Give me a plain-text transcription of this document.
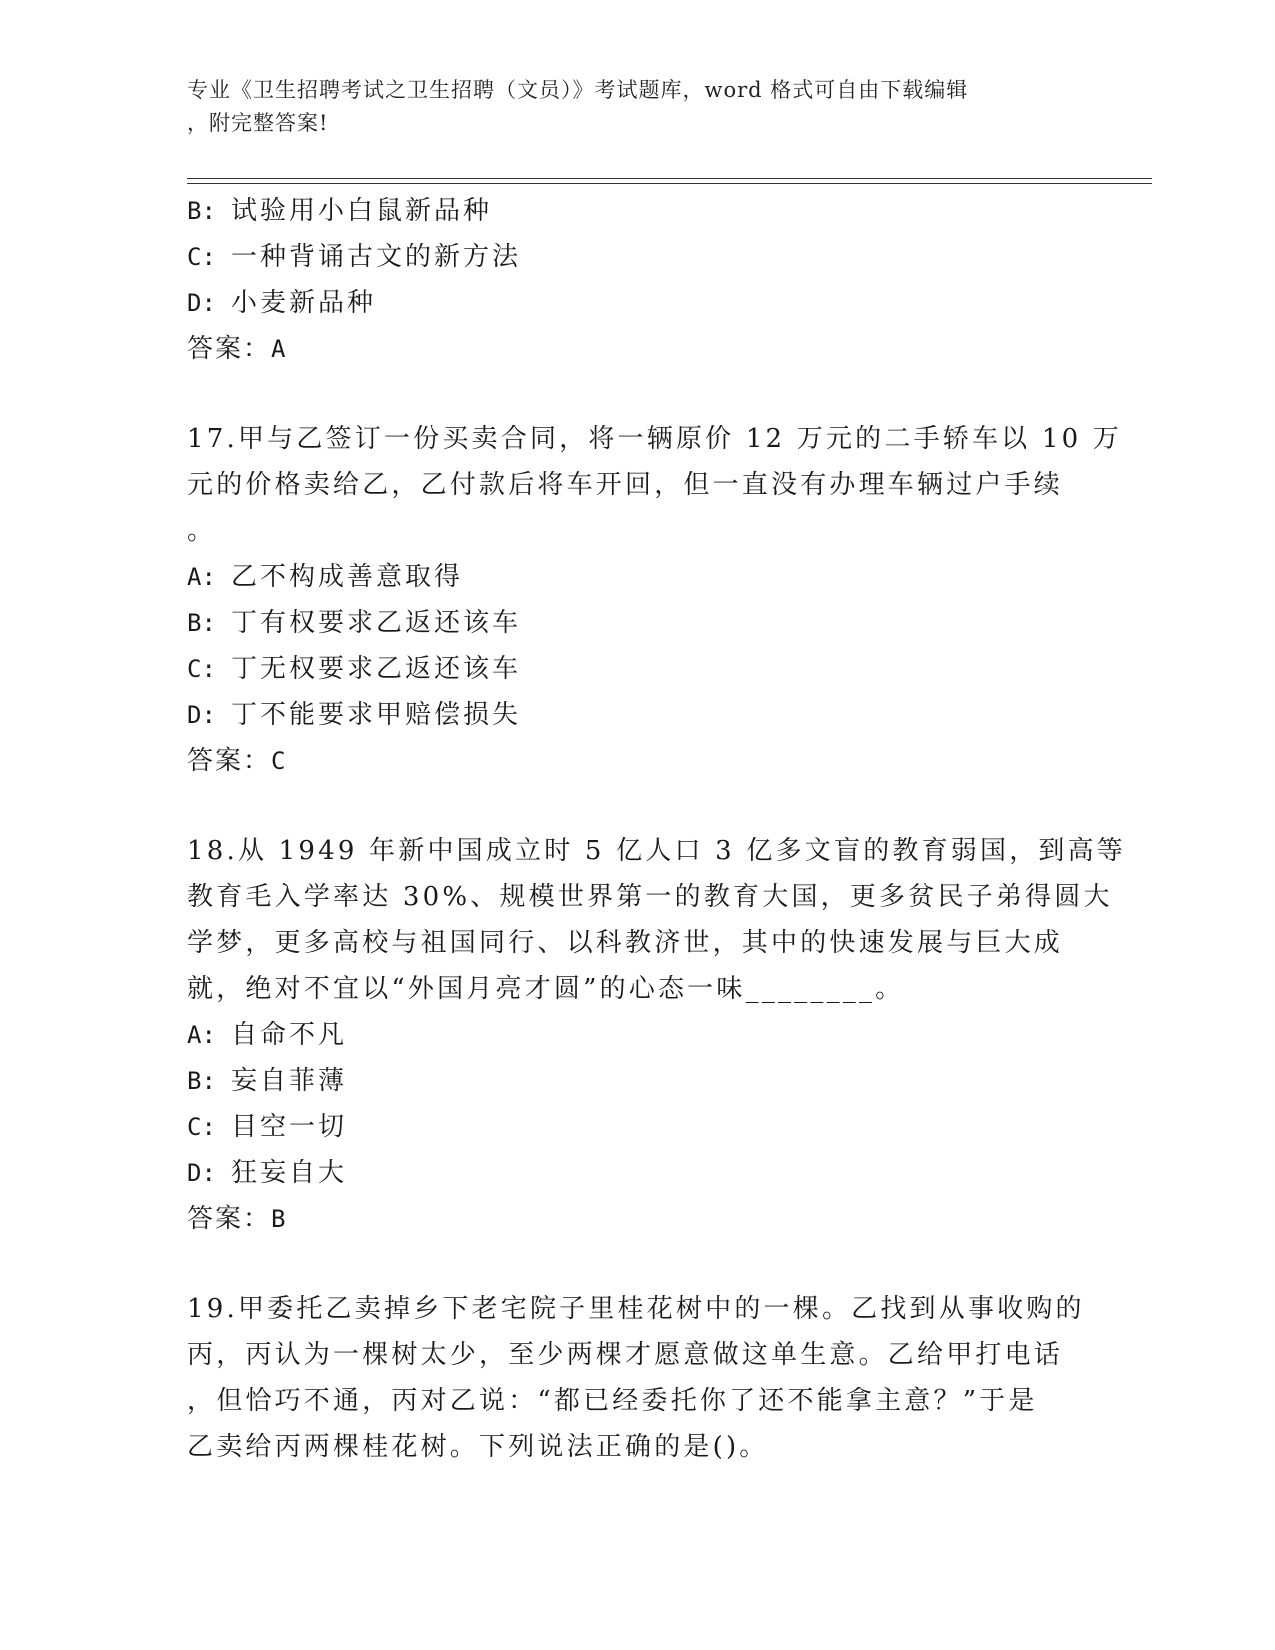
专业《卫生招聘考试之卫生招聘（文员）》考试题库，word 格式可自由下载编辑
，附完整答案!
B: 试验用小白鼠新品种
C: 一种背诵古文的新方法
D: 小麦新品种
答案：A
17.甲与乙签订一份买卖合同，将一辆原价 12 万元的二手轿车以 10 万
元的价格卖给乙，乙付款后将车开回，但一直没有办理车辆过户手续
。
A: 乙不构成善意取得
B: 丁有权要求乙返还该车
C: 丁无权要求乙返还该车
D: 丁不能要求甲赔偿损失
答案：C
18.从 1949 年新中国成立时 5 亿人口 3 亿多文盲的教育弱国，到高等
教育毛入学率达 30%、规模世界第一的教育大国，更多贫民子弟得圆大
学梦，更多高校与祖国同行、以科教济世，其中的快速发展与巨大成
就，绝对不宜以“外国月亮才圆”的心态一味________。
A: 自命不凡
B: 妄自菲薄
C: 目空一切
D: 狂妄自大
答案：B
19.甲委托乙卖掉乡下老宅院子里桂花树中的一棵。乙找到从事收购的
丙，丙认为一棵树太少，至少两棵才愿意做这单生意。乙给甲打电话
，但恰巧不通，丙对乙说：“都已经委托你了还不能拿主意？”于是
乙卖给丙两棵桂花树。下列说法正确的是()。
